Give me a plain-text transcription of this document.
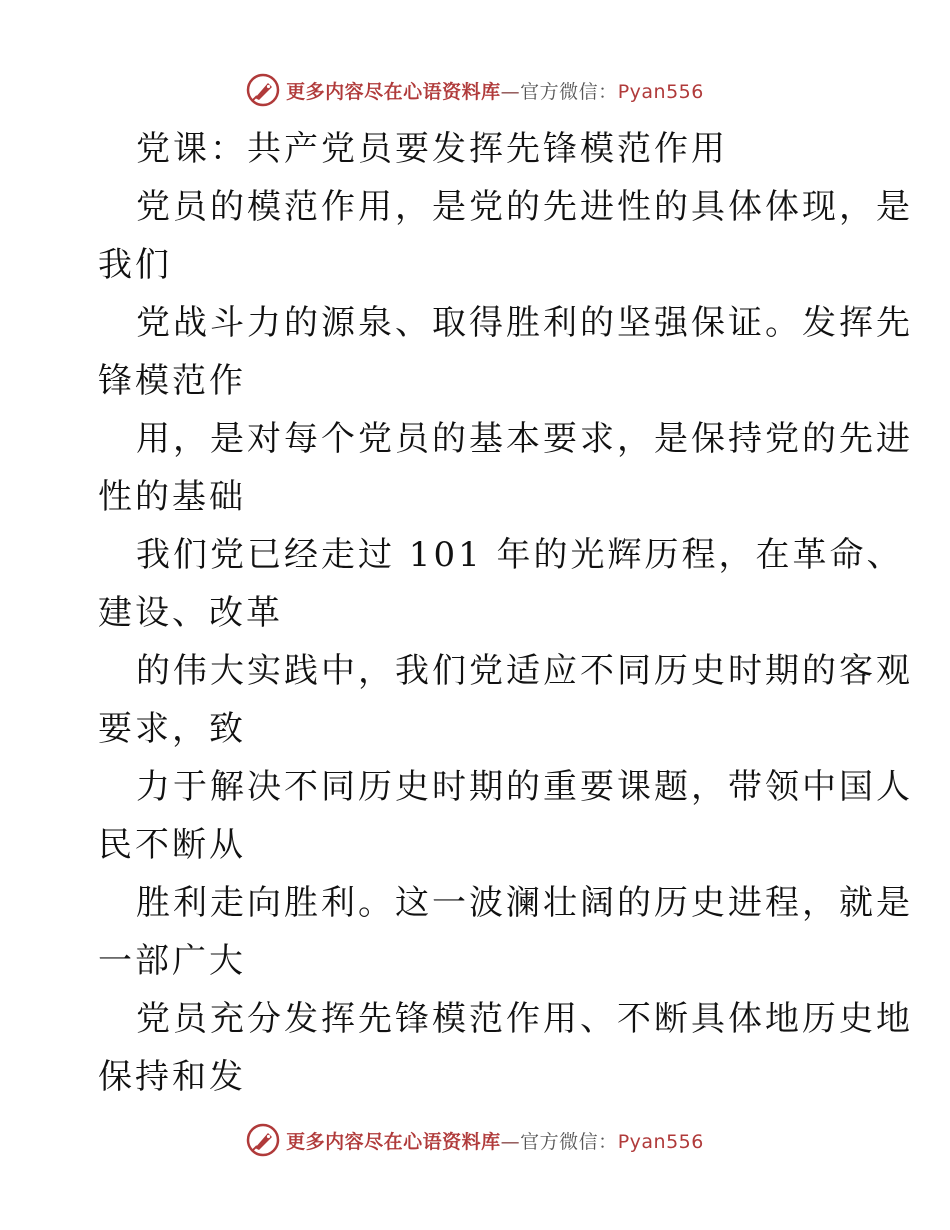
更多内容尽在心语资料库—官方微信：Pyan556
党课：共产党员要发挥先锋模范作用
党员的模范作用，是党的先进性的具体体现，是
我们
党战斗力的源泉、取得胜利的坚强保证。发挥先
锋模范作
用，是对每个党员的基本要求，是保持党的先进
性的基础
我们党已经走过 101 年的光辉历程，在革命、
建设、改革
的伟大实践中，我们党适应不同历史时期的客观
要求，致
力于解决不同历史时期的重要课题，带领中国人
民不断从
胜利走向胜利。这一波澜壮阔的历史进程，就是
一部广大
党员充分发挥先锋模范作用、不断具体地历史地
保持和发
更多内容尽在心语资料库—官方微信：Pyan556
